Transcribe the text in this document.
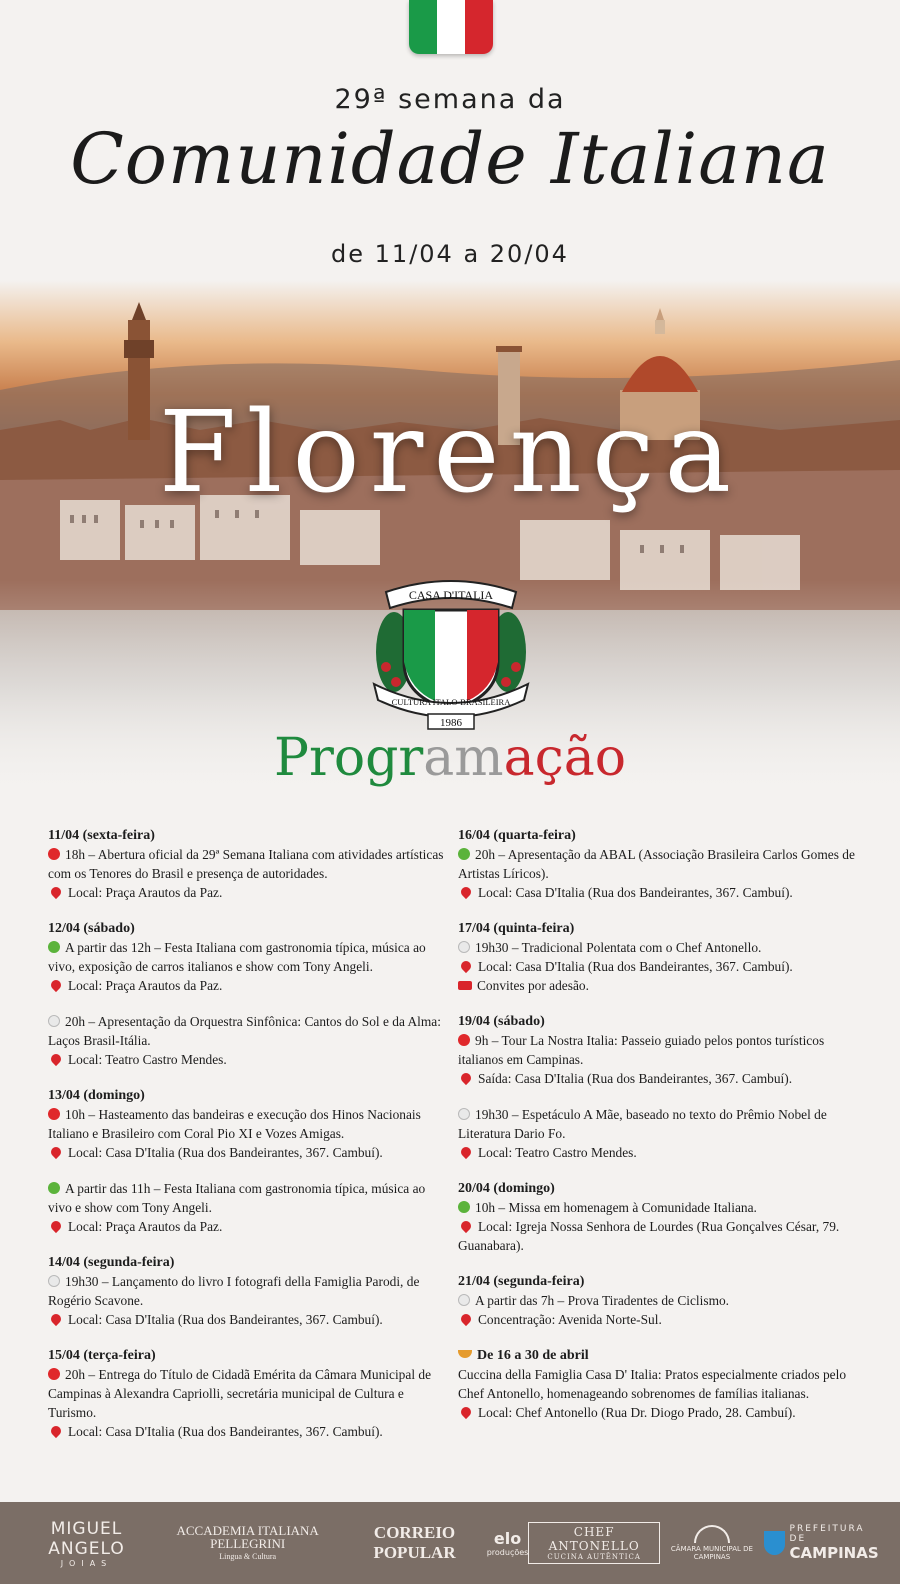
29ª semana da
Comunidade Italiana
de 11/04 a 20/04
Florença
CASA D'ITALIA
CULTURA ITALO-BRASILEIRA
1986
Programação
11/04 (sexta-feira)
18h – Abertura oficial da 29ª Semana Italiana com atividades artísticas com os Tenores do Brasil e presença de autoridades.
Local: Praça Arautos da Paz.
12/04 (sábado)
A partir das 12h – Festa Italiana com gastronomia típica, música ao vivo, exposição de carros italianos e show com Tony Angeli.
Local: Praça Arautos da Paz.
20h – Apresentação da Orquestra Sinfônica: Cantos do Sol e da Alma: Laços Brasil-Itália.
Local: Teatro Castro Mendes.
13/04 (domingo)
10h – Hasteamento das bandeiras e execução dos Hinos Nacionais Italiano e Brasileiro com Coral Pio XI e Vozes Amigas.
Local: Casa D'Italia (Rua dos Bandeirantes, 367. Cambuí).
A partir das 11h – Festa Italiana com gastronomia típica, música ao vivo e show com Tony Angeli.
Local: Praça Arautos da Paz.
14/04 (segunda-feira)
19h30 – Lançamento do livro I fotografi della Famiglia Parodi, de Rogério Scavone.
Local: Casa D'Italia (Rua dos Bandeirantes, 367. Cambuí).
15/04 (terça-feira)
20h – Entrega do Título de Cidadã Emérita da Câmara Municipal de Campinas à Alexandra Capriolli, secretária municipal de Cultura e Turismo.
Local: Casa D'Italia (Rua dos Bandeirantes, 367. Cambuí).
16/04 (quarta-feira)
20h – Apresentação da ABAL (Associação Brasileira Carlos Gomes de Artistas Líricos).
Local: Casa D'Italia (Rua dos Bandeirantes, 367. Cambuí).
17/04 (quinta-feira)
19h30 – Tradicional Polentata com o Chef Antonello.
Local: Casa D'Italia (Rua dos Bandeirantes, 367. Cambuí).
Convites por adesão.
19/04 (sábado)
9h – Tour La Nostra Italia: Passeio guiado pelos pontos turísticos italianos em Campinas.
Saída: Casa D'Italia (Rua dos Bandeirantes, 367. Cambuí).
19h30 – Espetáculo A Mãe, baseado no texto do Prêmio Nobel de Literatura Dario Fo.
Local: Teatro Castro Mendes.
20/04 (domingo)
10h – Missa em homenagem à Comunidade Italiana.
Local: Igreja Nossa Senhora de Lourdes (Rua Gonçalves César, 79. Guanabara).
21/04 (segunda-feira)
A partir das 7h – Prova Tiradentes de Ciclismo.
Concentração: Avenida Norte-Sul.
De 16 a 30 de abril
Cuccina della Famiglia Casa D' Italia: Pratos especialmente criados pelo Chef Antonello, homenageando sobrenomes de famílias italianas.
Local: Chef Antonello (Rua Dr. Diogo Prado, 28. Cambuí).
MIGUEL ANGELO
JOIAS
ACCADEMIA ITALIANA PELLEGRINI
Lingua & Cultura
CORREIO POPULAR
elo
produções
CHEF ANTONELLO
CUCINA AUTÊNTICA
CÂMARA MUNICIPAL DE CAMPINAS
PREFEITURA DE
CAMPINAS
